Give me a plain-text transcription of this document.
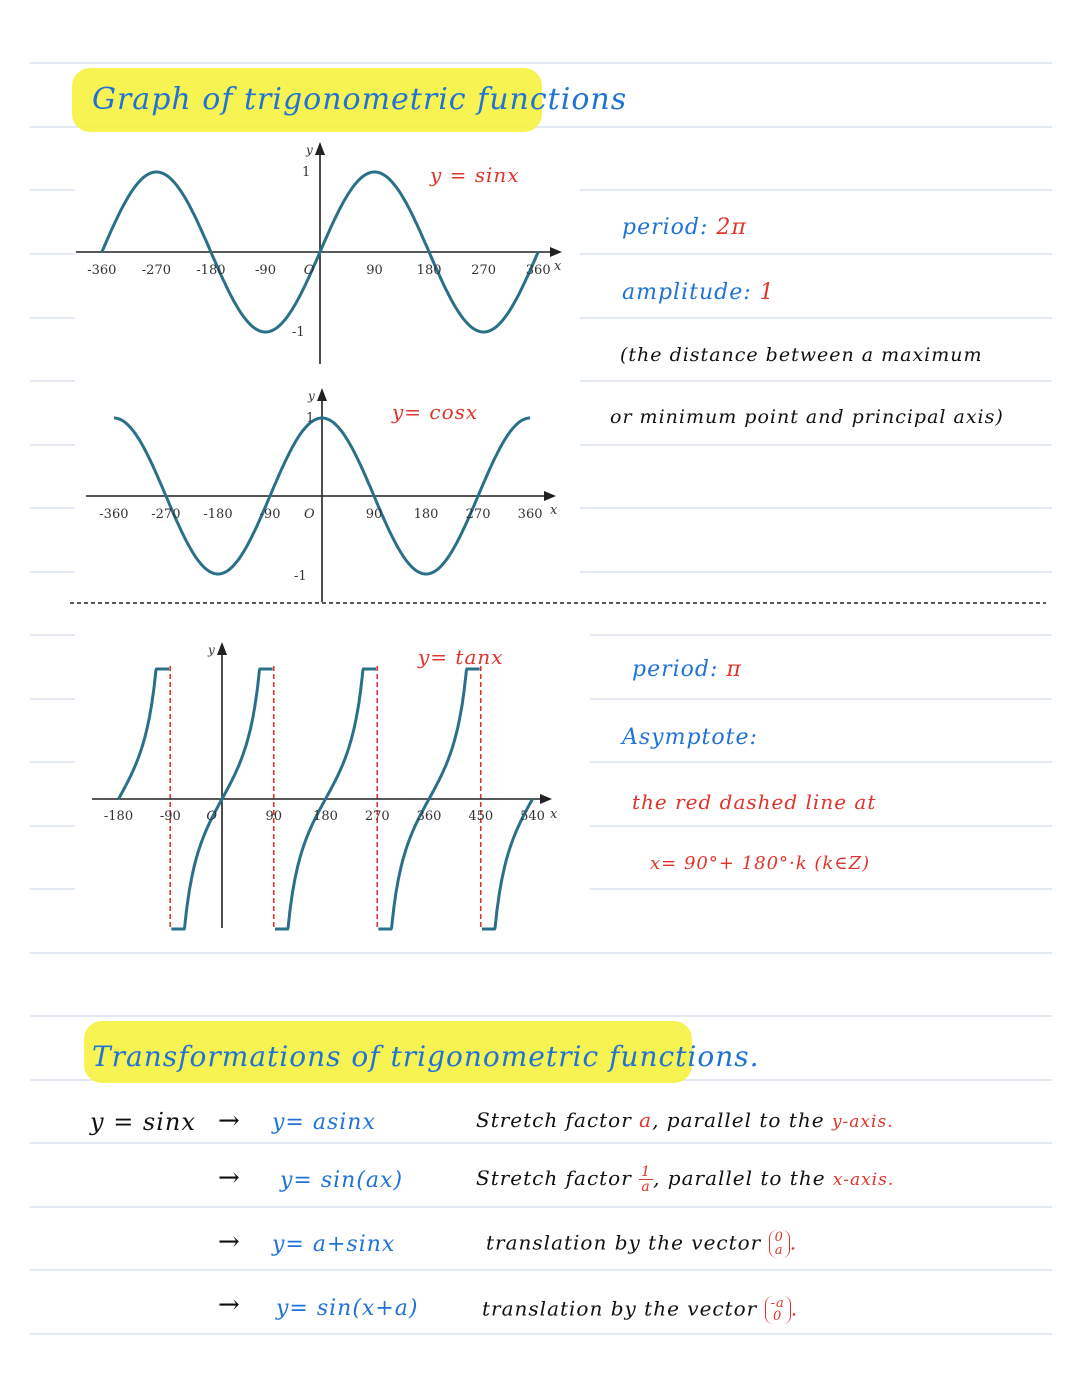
Graph of trigonometric functions
-360 -270 -180 -90 O	90	180 270 360 x
y
1
-1
y = sinx
-360 -270 -180 -90 O	90 180 270 360 x
y
1
-1
y= cosx
-180 -90 O	90 180 270 360 450 540 x
y	y= tanx
period: 2π
amplitude: 1
(the distance between a maximum
or minimum point and principal axis)
period: π
Asymptote:
the red dashed line at
x= 90°+ 180°·k (k∈Z)
Transformations of trigonometric functions.
y = sinx → y= asinx	Stretch factor a, parallel to the y-axis.
→ y= sin(ax)	Stretch factor $\frac{1}{a}$ , parallel to the x-axis.
→ y= a+sinx	translation by the vector 0
a .
→ y= sin(x+a)	translation by the vector -a
0 .
